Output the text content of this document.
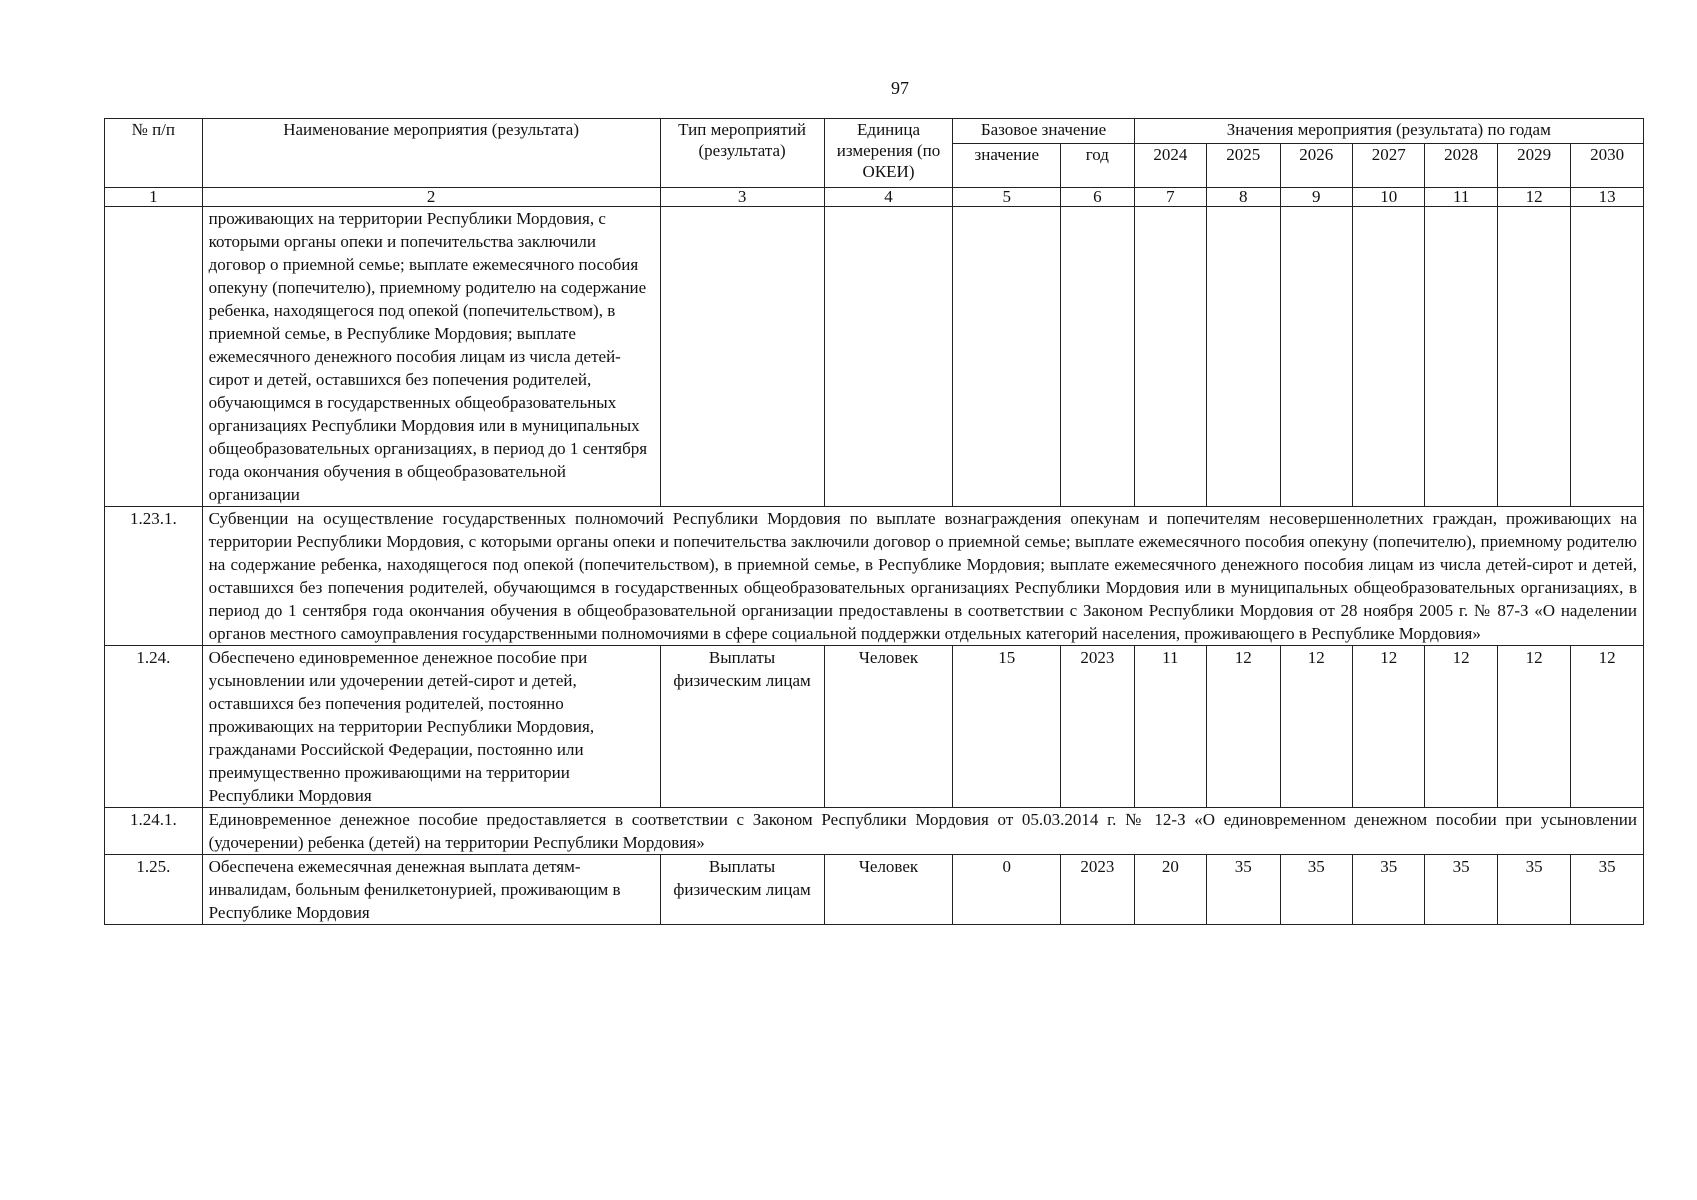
97
№ п/п	Наименование мероприятия (результата)	Тип мероприятий (результата)	Единица измерения (по ОКЕИ)	Базовое значение		Значения мероприятия (результата) по годам						
				значение	год	2024	2025	2026	2027	2028	2029	2030
1	2	3	4	5	6	7	8	9	10	11	12	13
	проживающих на территории Республики Мордовия, с которыми органы опеки и попечительства заключили договор о приемной семье; выплате ежемесячного пособия опекуну (попечителю), приемному родителю на содержание ребенка, находящегося под опекой (попечительством), в приемной семье, в Республике Мордовия; выплате ежемесячного денежного пособия лицам из числа детей-сирот и детей, оставшихся без попечения родителей, обучающимся в государственных общеобразовательных организациях Республики Мордовия или в муниципальных общеобразовательных организациях, в период до 1 сентября года окончания обучения в общеобразовательной организации											
1.23.1.	Субвенции на осуществление государственных полномочий Республики Мордовия по выплате вознаграждения опекунам и попечителям несовершеннолетних граждан, проживающих на территории Республики Мордовия, с которыми органы опеки и попечительства заключили договор о приемной семье; выплате ежемесячного пособия опекуну (попечителю), приемному родителю на содержание ребенка, находящегося под опекой (попечительством), в приемной семье, в Республике Мордовия; выплате ежемесячного денежного пособия лицам из числа детей-сирот и детей, оставшихся без попечения родителей, обучающимся в государственных общеобразовательных организациях Республики Мордовия или в муниципальных общеобразовательных организациях, в период до 1 сентября года окончания обучения в общеобразовательной организации предоставлены в соответствии с Законом Республики Мордовия от 28 ноября 2005 г. № 87-З «О наделении органов местного самоуправления государственными полномочиями в сфере социальной поддержки отдельных категорий населения, проживающего в Республике Мордовия»											
1.24.	Обеспечено единовременное денежное пособие при усыновлении или удочерении детей-сирот и детей, оставшихся без попечения родителей, постоянно проживающих на территории Республики Мордовия, гражданами Российской Федерации, постоянно или преимущественно проживающими на территории Республики Мордовия	Выплаты физическим лицам	Человек	15	2023	11	12	12	12	12	12	12
1.24.1.	Единовременное денежное пособие предоставляется в соответствии с Законом Республики Мордовия от 05.03.2014 г. № 12-З «О единовременном денежном пособии при усыновлении (удочерении) ребенка (детей) на территории Республики Мордовия»											
1.25.	Обеспечена ежемесячная денежная выплата детям-инвалидам, больным фенилкетонурией, проживающим в Республике Мордовия	Выплаты физическим лицам	Человек	0	2023	20	35	35	35	35	35	35
